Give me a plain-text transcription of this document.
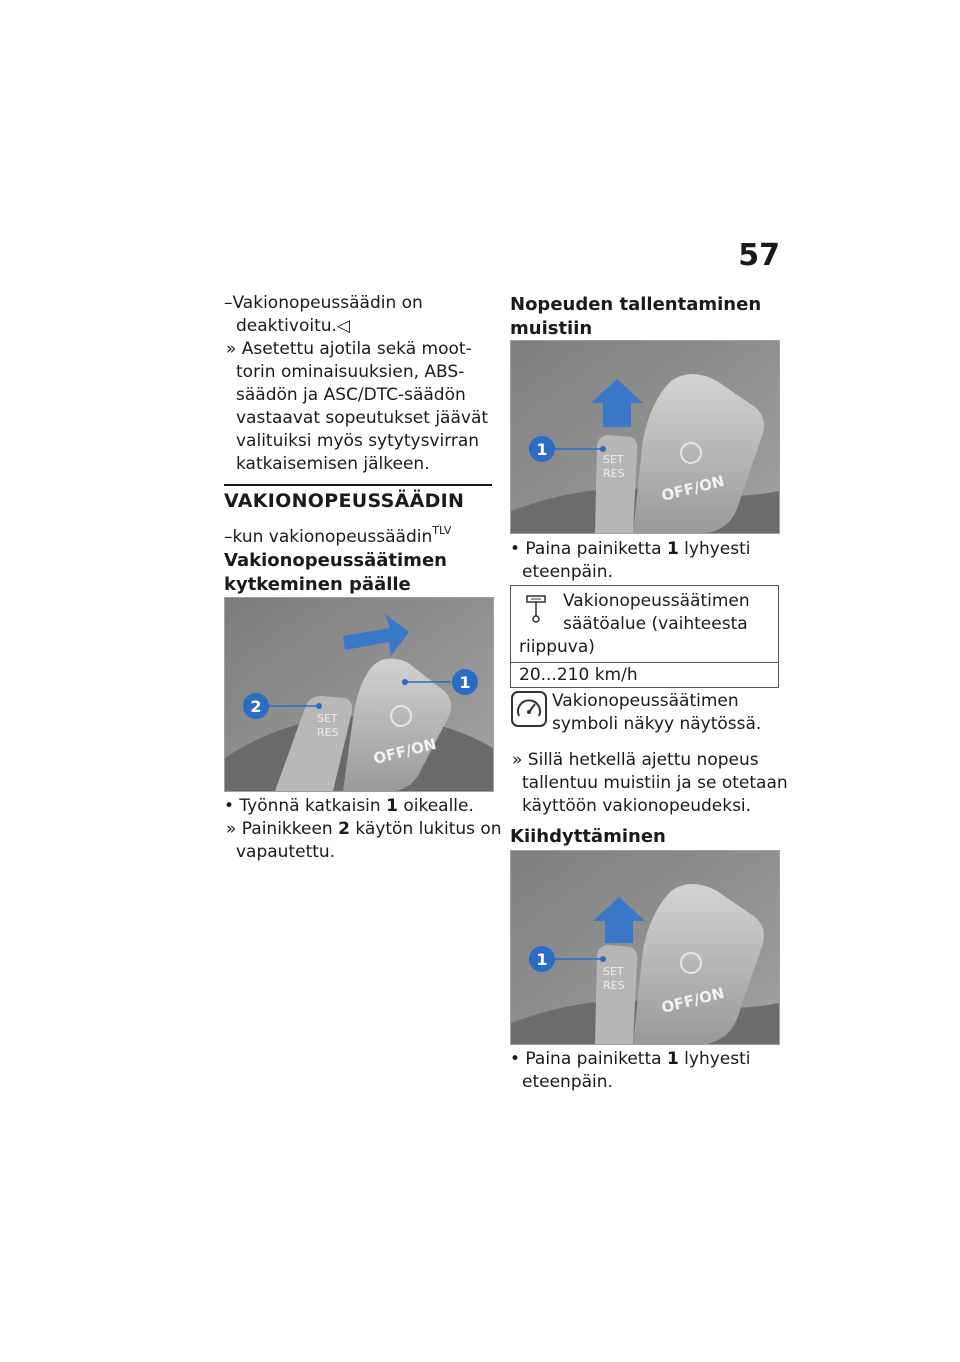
57
–Vakionopeussäädin on
deaktivoitu.◁
» Asetettu ajotila sekä moot-
torin ominaisuuksien, ABS-
säädön ja ASC/DTC-säädön
vastaavat sopeutukset jäävät
valituiksi myös sytytysvirran
katkaisemisen jälkeen.
VAKIONOPEUSSÄÄDIN
–kun vakionopeussäädin$^{TLV}$
Vakionopeussäätimen
kytkeminen päälle
SET
RES
OFF/ON
1
2
• Työnnä katkaisin 1 oikealle.
» Painikkeen 2 käytön lukitus on
vapautettu.
Nopeuden tallentaminen
muistiin
SET
RES OFF/ON
1
• Paina painiketta 1 lyhyesti
eteenpäin.
Vakionopeussäätimen
säätöalue (vaihteesta
riippuva)
20...210 km/h
Vakionopeussäätimen
symboli näkyy näytössä.
» Sillä hetkellä ajettu nopeus
tallentuu muistiin ja se otetaan
käyttöön vakionopeudeksi.
Kiihdyttäminen
SET
RES OFF/ON
1
• Paina painiketta 1 lyhyesti
eteenpäin.
